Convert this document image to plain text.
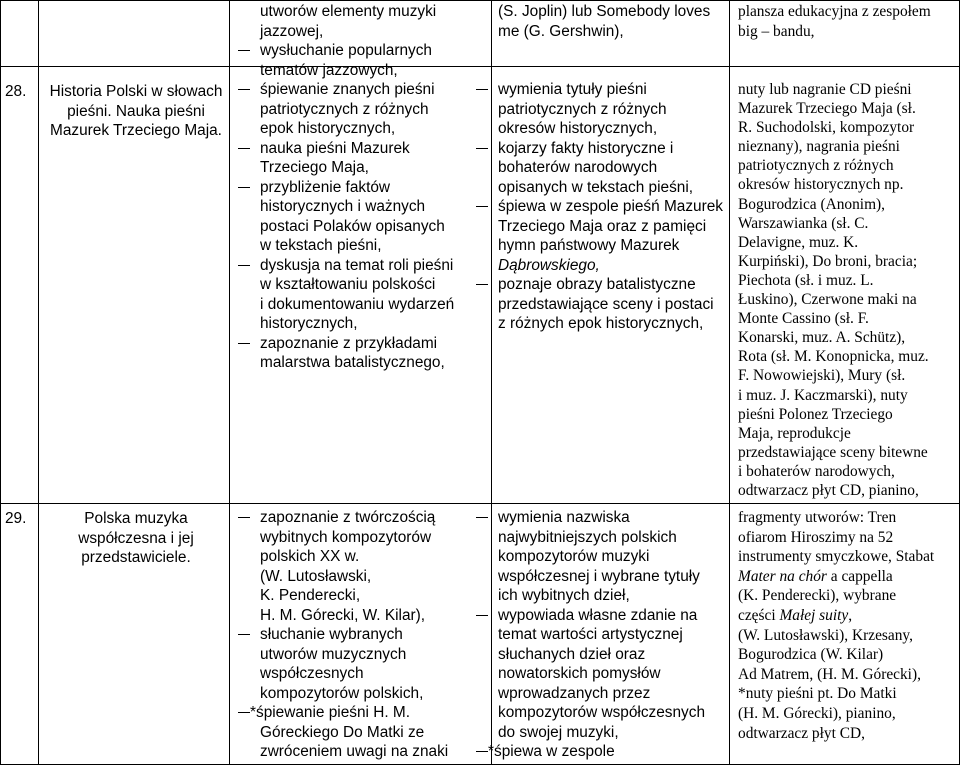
28. Historia Polski w słowach
pieśni. Nauka pieśni
Mazurek Trzeciego Maja.
utworów elementy muzyki
jazzowej,
wysłuchanie popularnych
tematów jazzowych,
śpiewanie znanych pieśni
patriotycznych z różnych
epok historycznych,
nauka pieśni Mazurek
Trzeciego Maja,
przybliżenie faktów
historycznych i ważnych
postaci Polaków opisanych
w tekstach pieśni,
dyskusja na temat roli pieśni
w kształtowaniu polskości
i dokumentowaniu wydarzeń
historycznych,
zapoznanie z przykładami
malarstwa batalistycznego,
(S. Joplin) lub Somebody loves
me (G. Gershwin),
wymienia tytuły pieśni
patriotycznych z różnych
okresów historycznych,
kojarzy fakty historyczne i
bohaterów narodowych
opisanych w tekstach pieśni,
śpiewa w zespole pieśń Mazurek
Trzeciego Maja oraz z pamięci
hymn państwowy Mazurek
Dąbrowskiego,
poznaje obrazy batalistyczne
przedstawiające sceny i postaci
z różnych epok historycznych,
plansza edukacyjna z zespołem
big – bandu,
nuty lub nagranie CD pieśni
Mazurek Trzeciego Maja (sł.
R. Suchodolski, kompozytor
nieznany), nagrania pieśni
patriotycznych z różnych
okresów historycznych np.
Bogurodzica (Anonim),
Warszawianka (sł. C.
Delavigne, muz. K.
Kurpiński), Do broni, bracia;
Piechota (sł. i muz. L.
Łuskino), Czerwone maki na
Monte Cassino (sł. F.
Konarski, muz. A. Schütz),
Rota (sł. M. Konopnicka, muz.
F. Nowowiejski), Mury (sł.
i muz. J. Kaczmarski), nuty
pieśni Polonez Trzeciego
Maja, reprodukcje
przedstawiające sceny bitewne
i bohaterów narodowych,
odtwarzacz płyt CD, pianino,
29.	Polska muzyka
współczesna i jej
przedstawiciele.
zapoznanie z twórczością
wybitnych kompozytorów
polskich XX w.
(W. Lutosławski,
K. Penderecki,
H. M. Górecki, W. Kilar),
słuchanie wybranych
utworów muzycznych
współczesnych
kompozytorów polskich,
*śpiewanie pieśni H. M.
Góreckiego Do Matki ze
zwróceniem uwagi na znaki
wymienia nazwiska
najwybitniejszych polskich
kompozytorów muzyki
współczesnej i wybrane tytuły
ich wybitnych dzieł,
wypowiada własne zdanie na
temat wartości artystycznej
słuchanych dzieł oraz
nowatorskich pomysłów
wprowadzanych przez
kompozytorów współczesnych
do swojej muzyki,
*śpiewa w zespole
fragmenty utworów: Tren
ofiarom Hiroszimy na 52
instrumenty smyczkowe, Stabat
Mater na chór a cappella
(K. Penderecki), wybrane
części Małej suity,
(W. Lutosławski), Krzesany,
Bogurodzica (W. Kilar)
Ad Matrem, (H. M. Górecki),
*nuty pieśni pt. Do Matki
(H. M. Górecki), pianino,
odtwarzacz płyt CD,
